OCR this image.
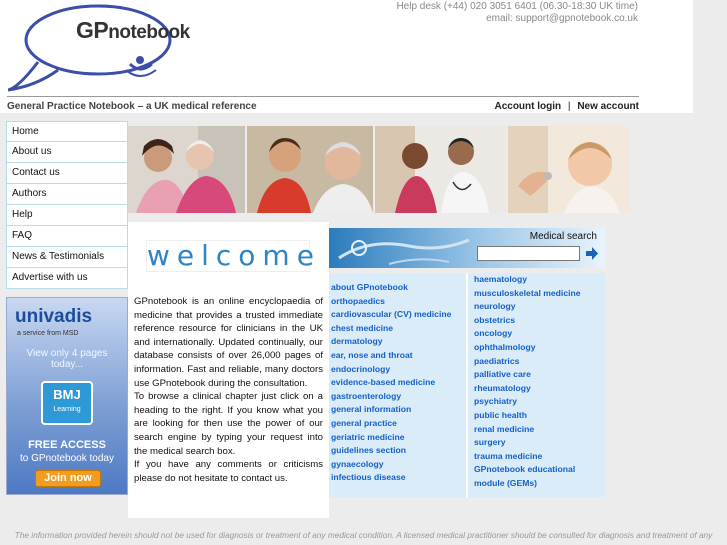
GPnotebook
Help desk (+44) 020 3051 6401 (06.30-18:30 UK time)
email: support@gpnotebook.co.uk
General Practice Notebook – a UK medical reference	Account login | New account
Home
About us
Contact us
Authors
Help
FAQ
News & Testimonials
Advertise with us
univadis
a service from MSD
View only 4 pages
today...
BMJ
Learning
FREE ACCESS
to GPnotebook today
Join now
welcome

GPnotebook is an online encyclopaedia of medicine that provides a trusted immediate reference resource for clinicians in the UK and internationally. Updated continually, our database consists of over 26,000 pages of information. Fast and reliable, many doctors use GPnotebook during the consultation.

To browse a clinical chapter just click on a heading to the right. If you know what you are looking for then use the power of our search engine by typing your request into the medical search box.

If you have any comments or criticisms please do not hesitate to contact us.

Medical search
about GPnotebook
orthopaedics
cardiovascular (CV) medicine
chest medicine
dermatology
ear, nose and throat
endocrinology
evidence-based medicine
gastroenterology
general information
general practice
geriatric medicine
guidelines section
gynaecology
infectious disease
haematology
musculoskeletal medicine
neurology
obstetrics
oncology
ophthalmology
paediatrics
palliative care
rheumatology
psychiatry
public health
renal medicine
surgery
trauma medicine
GPnotebook educational
module (GEMs)
The information provided herein should not be used for diagnosis or treatment of any medical condition. A licensed medical practitioner should be consulted for diagnosis and treatment of any
